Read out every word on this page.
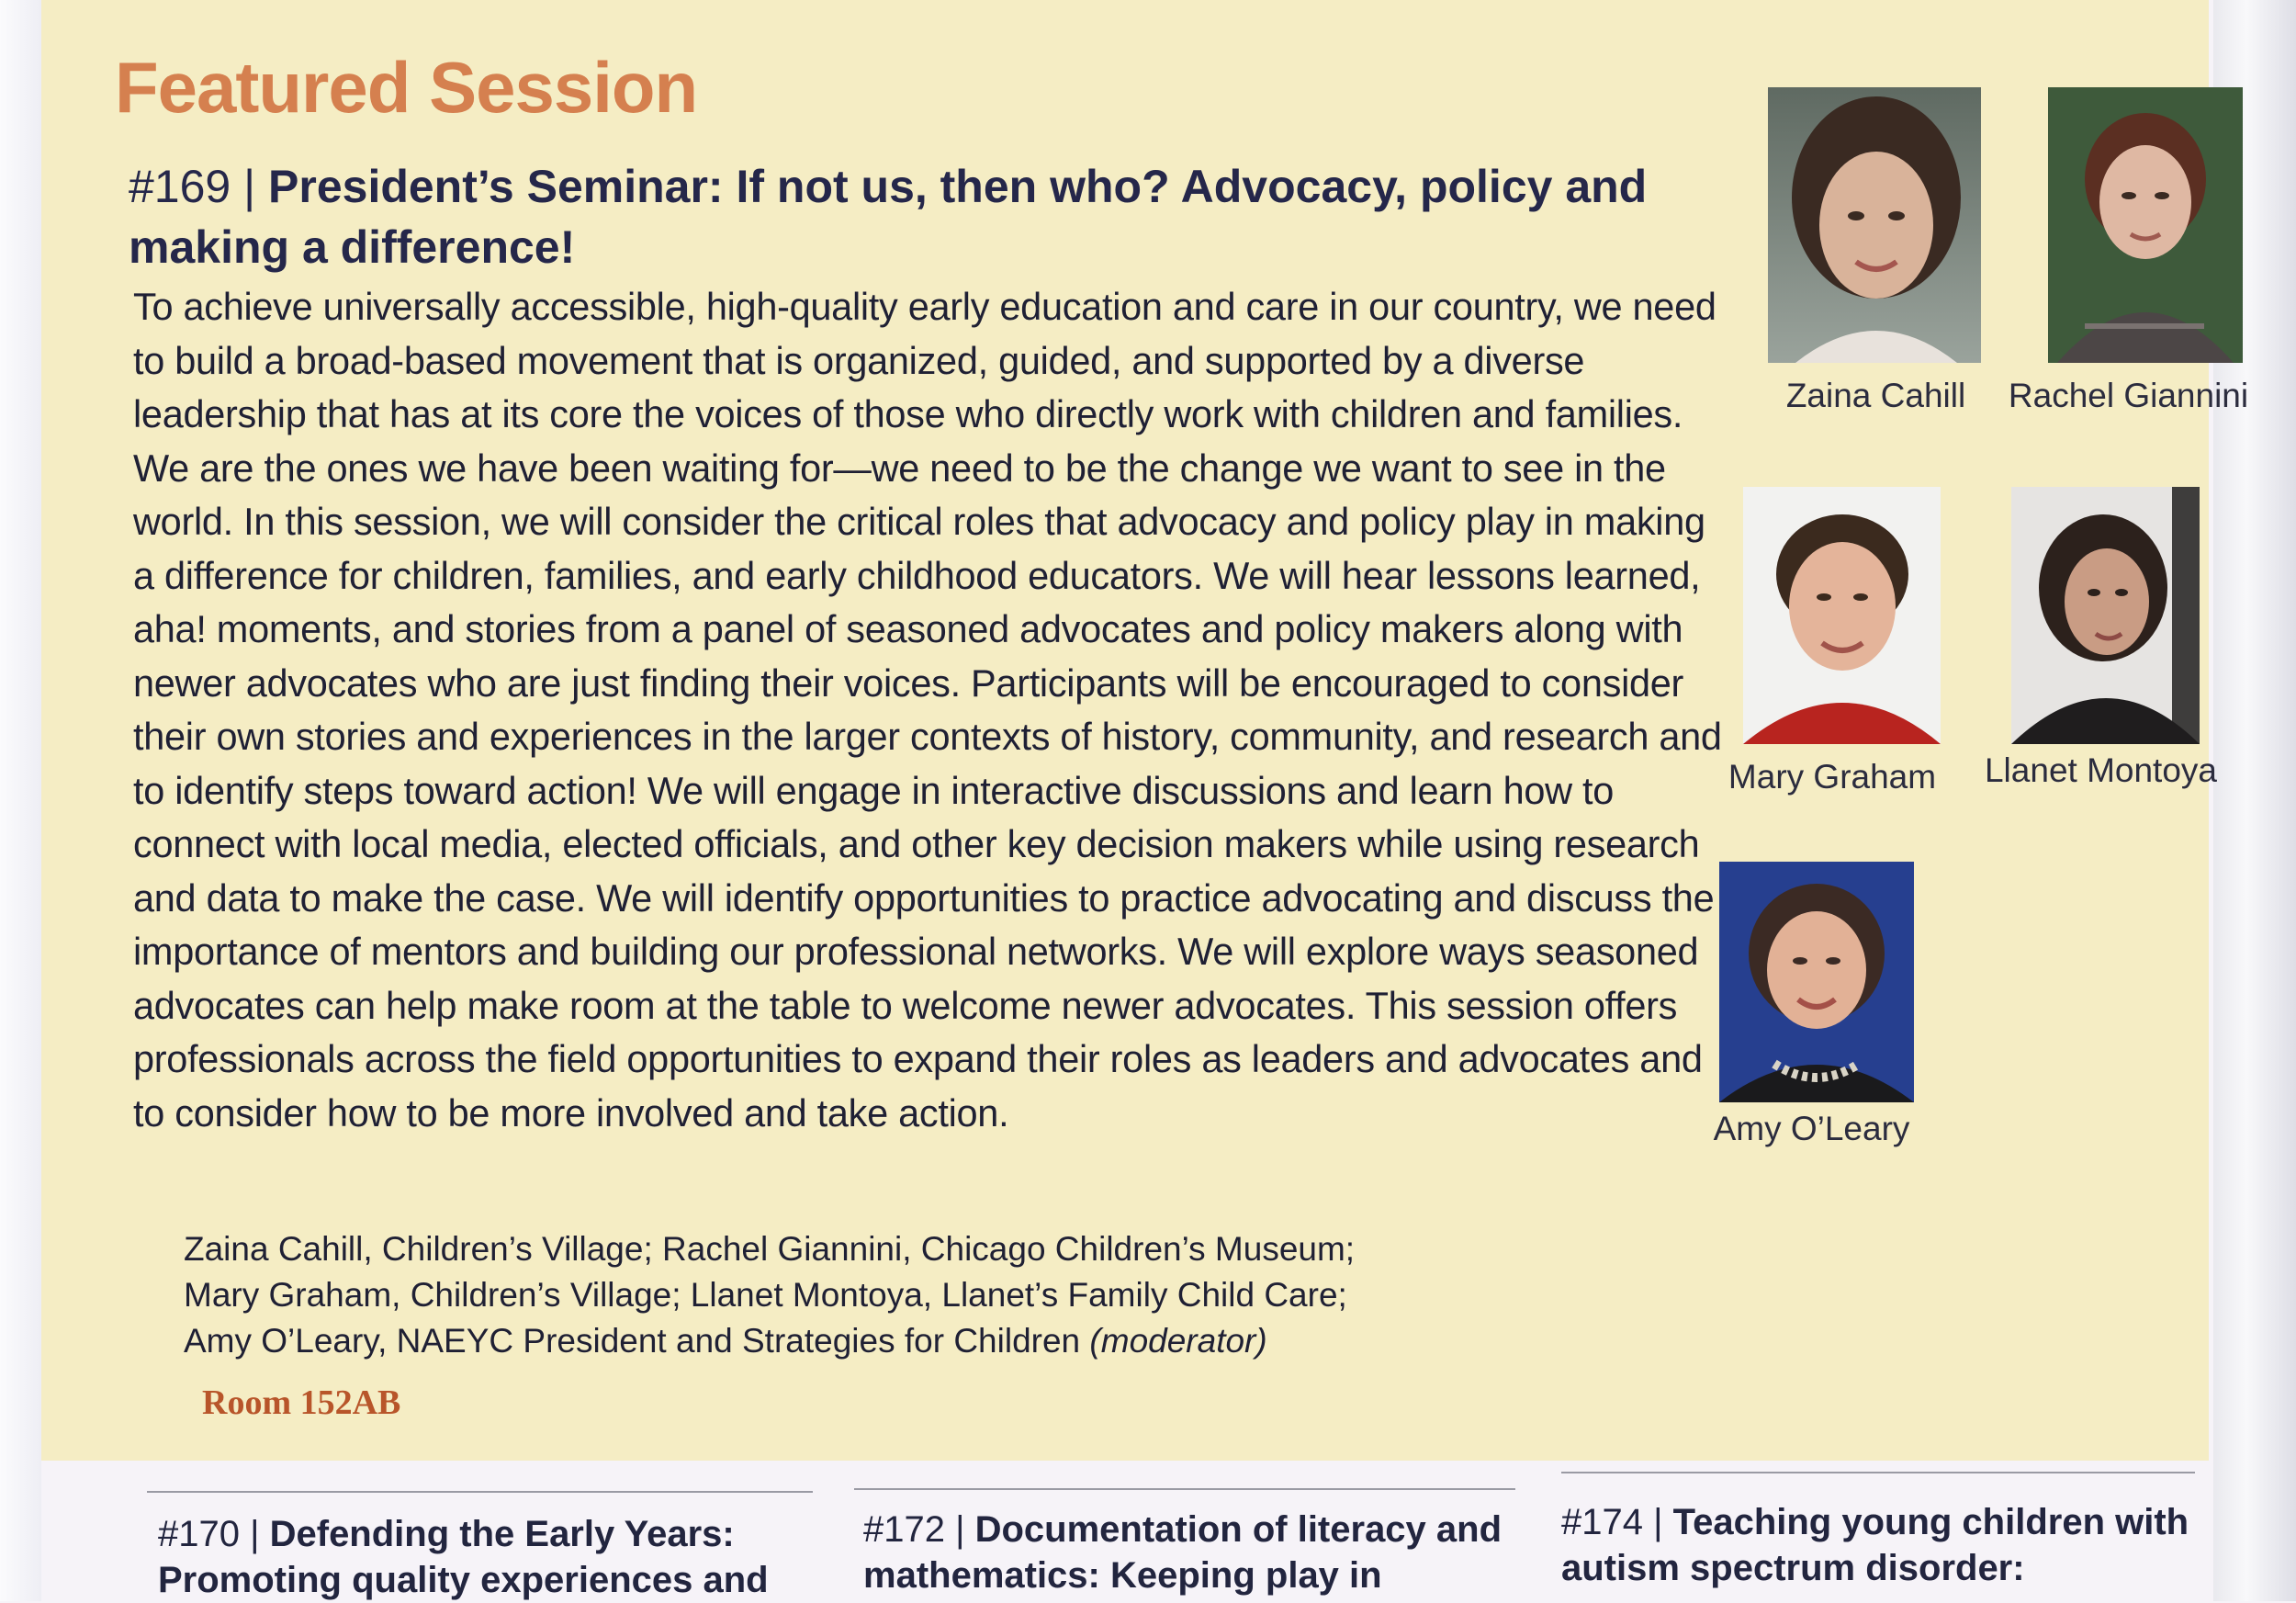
Featured Session
#169 | President’s Seminar: If not us, then who? Advocacy, policy and making a difference!

To achieve universally accessible, high-quality early education and care in our country, we need to build a broad-based movement that is organized, guided, and supported by a diverse leadership that has at its core the voices of those who directly work with children and families. We are the ones we have been waiting for—we need to be the change we want to see in the world. In this session, we will consider the critical roles that advocacy and policy play in making a difference for children, families, and early childhood educators. We will hear lessons learned, aha! moments, and stories from a panel of seasoned advocates and policy makers along with newer advocates who are just finding their voices. Participants will be encouraged to consider their own stories and experiences in the larger contexts of history, community, and research and to identify steps toward action! We will engage in interactive discussions and learn how to connect with local media, elected officials, and other key decision makers while using research and data to make the case. We will identify opportunities to practice advocating and discuss the importance of mentors and building our professional networks. We will explore ways seasoned advocates can help make room at the table to welcome newer advocates. This session offers professionals across the field opportunities to expand their roles as leaders and advocates and to consider how to be more involved and take action.

Zaina Cahill, Children’s Village; Rachel Giannini, Chicago Children’s Museum;
Mary Graham, Children’s Village; Llanet Montoya, Llanet’s Family Child Care;
Amy O’Leary, NAEYC President and Strategies for Children (moderator)

Room 152AB

Zaina Cahill	Rachel Giannini
Mary Graham Llanet Montoya
Amy O’Leary
#170 | Defending the Early Years: Promoting quality experiences and
#172 | Documentation of literacy and mathematics: Keeping play in
#174 | Teaching young children with autism spectrum disorder:
